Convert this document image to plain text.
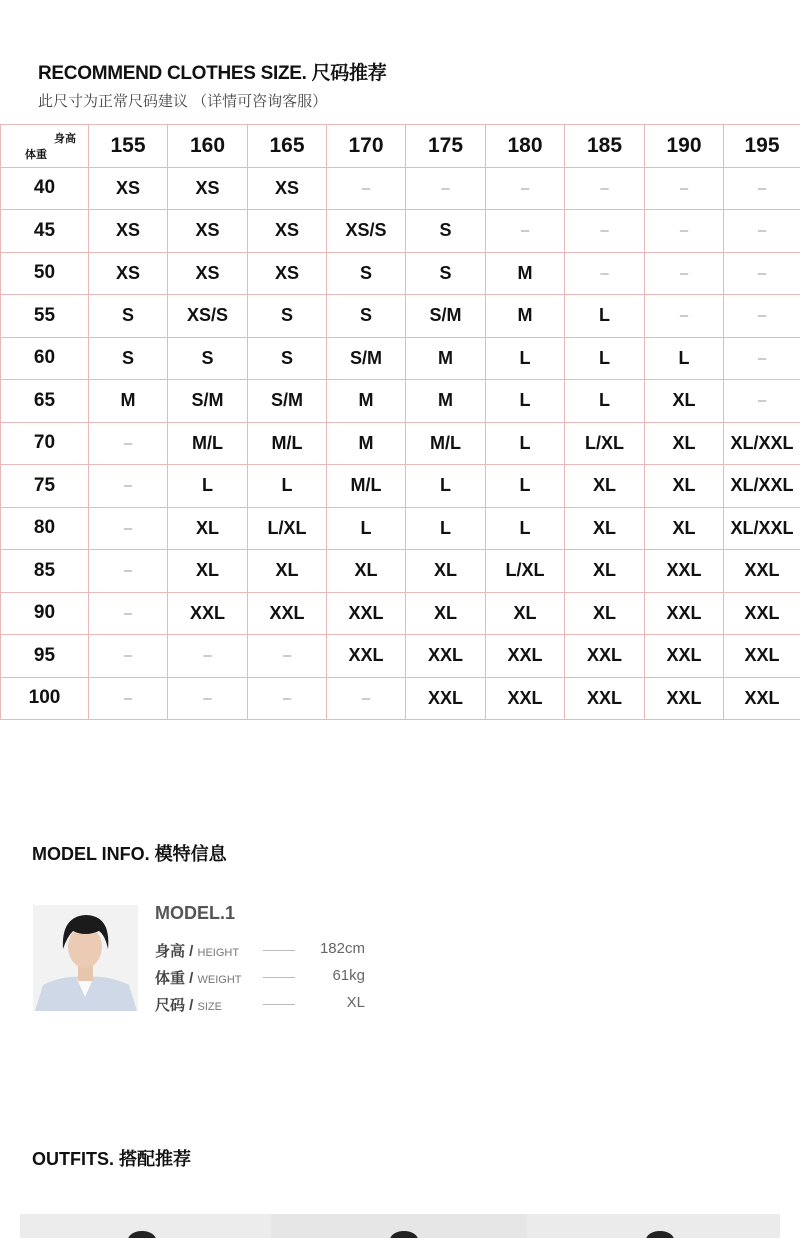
RECOMMEND CLOTHES SIZE. 尺码推荐
此尺寸为正常尺码建议 （详情可咨询客服）
身高
体重	155	160	165	170	175	180	185	190	195
40	XS	XS	XS	–	–	–	–	–	–
45	XS	XS	XS	XS/S	S	–	–	–	–
50	XS	XS	XS	S	S	M	–	–	–
55	S	XS/S	S	S	S/M	M	L	–	–
60	S	S	S	S/M	M	L	L	L	–
65	M	S/M	S/M	M	M	L	L	XL	–
70	–	M/L	M/L	M	M/L	L	L/XL	XL	XL/XXL
75	–	L	L	M/L	L	L	XL	XL	XL/XXL
80	–	XL	L/XL	L	L	L	XL	XL	XL/XXL
85	–	XL	XL	XL	XL	L/XL	XL	XXL	XXL
90	–	XXL	XXL	XXL	XL	XL	XL	XXL	XXL
95	–	–	–	XXL	XXL	XXL	XXL	XXL	XXL
100	–	–	–	–	XXL	XXL	XXL	XXL	XXL
MODEL INFO. 模特信息
MODEL.1
身高 / HEIGHT	182cm
体重 / WEIGHT	61kg
尺码 / SIZE	XL
OUTFITS. 搭配推荐
